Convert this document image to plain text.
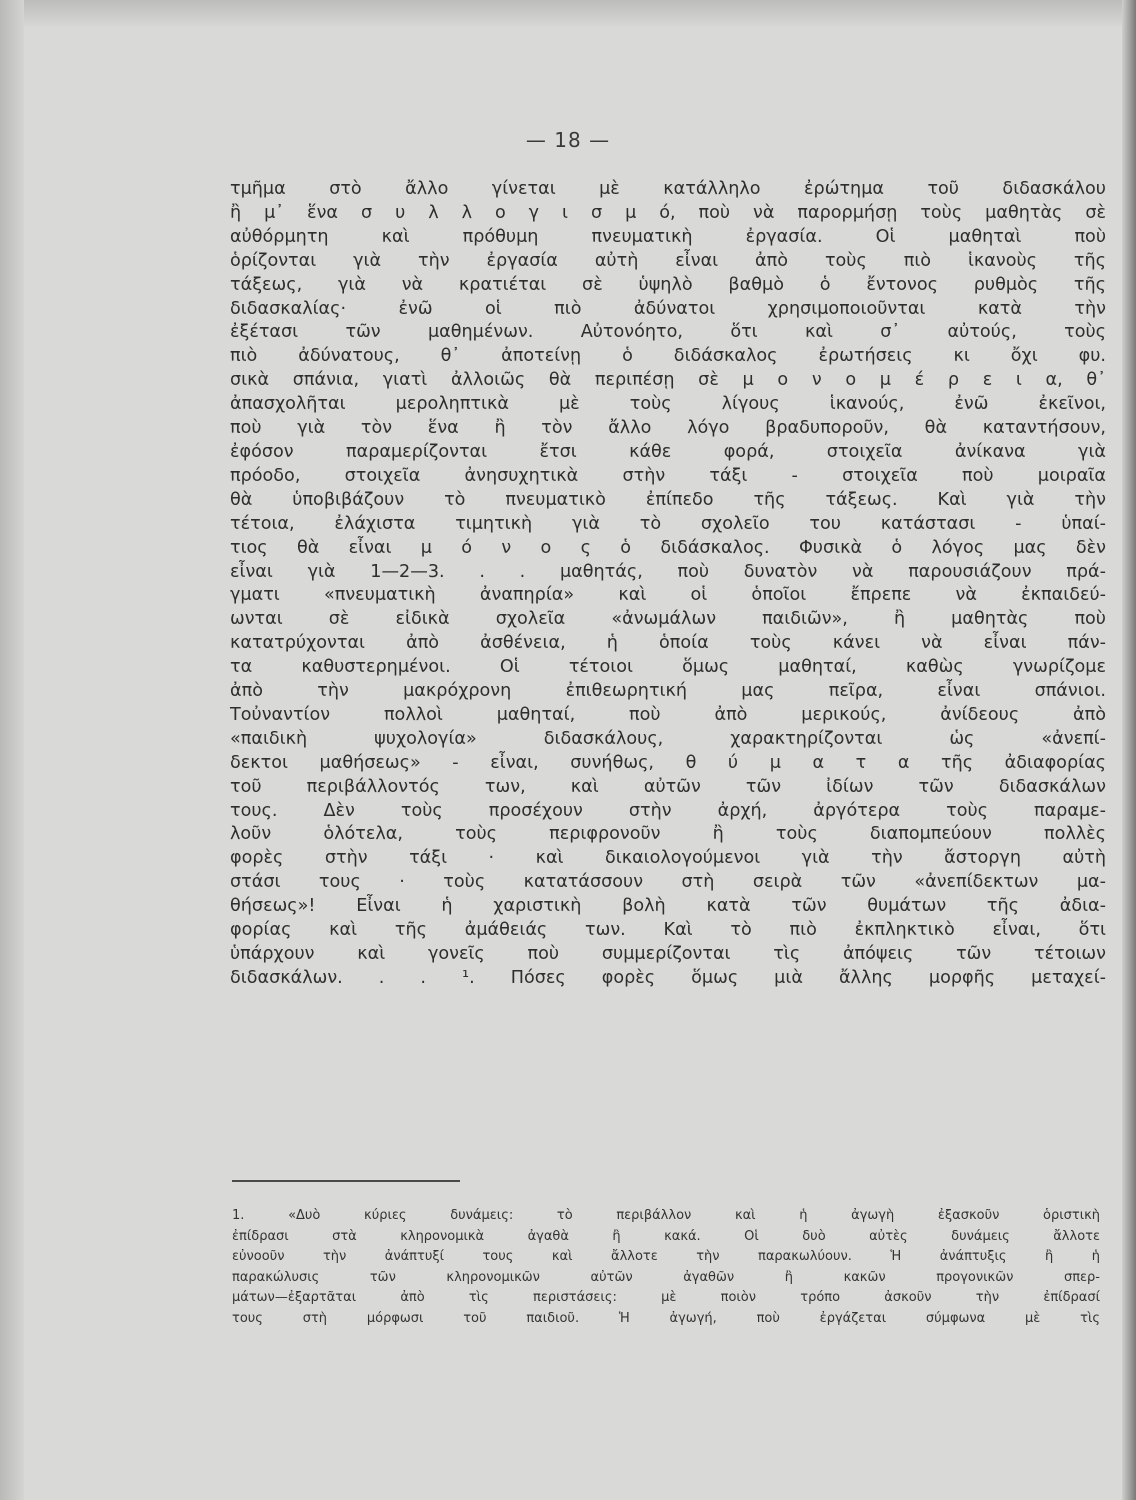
— 18 —
τμῆμα στὸ ἄλλο γίνεται μὲ κατάλληλο ἐρώτημα τοῦ διδασκάλου
ἢ μ᾽ ἕνα σ υ λ λ ο γ ι σ μ ό, ποὺ νὰ παρορμήσῃ τοὺς μαθητὰς σὲ
αὐθόρμητη καὶ πρόθυμη πνευματικὴ ἐργασία. Οἱ μαθηταὶ ποὺ
ὁρίζονται γιὰ τὴν ἐργασία αὐτὴ εἶναι ἀπὸ τοὺς πιὸ ἱκανοὺς τῆς
τάξεως, γιὰ νὰ κρατιέται σὲ ὑψηλὸ βαθμὸ ὁ ἔντονος ρυθμὸς τῆς
διδασκαλίας· ἐνῶ οἱ πιὸ ἀδύνατοι χρησιμοποιοῦνται κατὰ τὴν
ἐξέτασι τῶν μαθημένων. Αὐτονόητο, ὅτι καὶ σ᾽ αὐτούς, τοὺς
πιὸ ἀδύνατους, θ᾽ ἀποτείνῃ ὁ διδάσκαλος ἐρωτήσεις κι ὄχι φυ.
σικὰ σπάνια, γιατὶ ἀλλοιῶς θὰ περιπέσῃ σὲ μ ο ν ο μ έ ρ ε ι α, θ᾽
ἀπασχολῆται μεροληπτικὰ μὲ τοὺς λίγους ἱκανούς, ἐνῶ ἐκεῖνοι,
ποὺ γιὰ τὸν ἕνα ἢ τὸν ἄλλο λόγο βραδυποροῦν, θὰ καταντήσουν,
ἐφόσον παραμερίζονται ἔτσι κάθε φορά, στοιχεῖα ἀνίκανα γιὰ
πρόοδο, στοιχεῖα ἀνησυχητικὰ στὴν τάξι - στοιχεῖα ποὺ μοιραῖα
θὰ ὑποβιβάζουν τὸ πνευματικὸ ἐπίπεδο τῆς τάξεως. Καὶ γιὰ τὴν
τέτοια, ἐλάχιστα τιμητικὴ γιὰ τὸ σχολεῖο του κατάστασι - ὑπαί-
τιος θὰ εἶναι μ ό ν ο ς ὁ διδάσκαλος. Φυσικὰ ὁ λόγος μας δὲν
εἶναι γιὰ 1—2—3. . . μαθητάς, ποὺ δυνατὸν νὰ παρουσιάζουν πρά-
γματι «πνευματικὴ ἀναπηρία» καὶ οἱ ὁποῖοι ἔπρεπε νὰ ἐκπαιδεύ-
ωνται σὲ εἰδικὰ σχολεῖα «ἀνωμάλων παιδιῶν», ἢ μαθητὰς ποὺ
κατατρύχονται ἀπὸ ἀσθένεια, ἡ ὁποία τοὺς κάνει νὰ εἶναι πάν-
τα καθυστερημένοι. Οἱ τέτοιοι ὅμως μαθηταί, καθὼς γνωρίζομε
ἀπὸ τὴν μακρόχρονη ἐπιθεωρητική μας πεῖρα, εἶναι σπάνιοι.
Τοὐναντίον πολλοὶ μαθηταί, ποὺ ἀπὸ μερικούς, ἀνίδεους ἀπὸ
«παιδικὴ ψυχολογία» διδασκάλους, χαρακτηρίζονται ὡς «ἀνεπί-
δεκτοι μαθήσεως» - εἶναι, συνήθως, θ ύ μ α τ α τῆς ἀδιαφορίας
τοῦ περιβάλλοντός των, καὶ αὐτῶν τῶν ἰδίων τῶν διδασκάλων
τους. Δὲν τοὺς προσέχουν στὴν ἀρχή, ἀργότερα τοὺς παραμε-
λοῦν ὁλότελα, τοὺς περιφρονοῦν ἢ τοὺς διαπομπεύουν πολλὲς
φορὲς στὴν τάξι · καὶ δικαιολογούμενοι γιὰ τὴν ἄστοργη αὐτὴ
στάσι τους · τοὺς κατατάσσουν στὴ σειρὰ τῶν «ἀνεπίδεκτων μα-
θήσεως»! Εἶναι ἡ χαριστικὴ βολὴ κατὰ τῶν θυμάτων τῆς ἀδια-
φορίας καὶ τῆς ἀμάθειάς των. Καὶ τὸ πιὸ ἐκπληκτικὸ εἶναι, ὅτι
ὑπάρχουν καὶ γονεῖς ποὺ συμμερίζονται τὶς ἀπόψεις τῶν τέτοιων
διδασκάλων. . . ¹. Πόσες φορὲς ὅμως μιὰ ἄλλης μορφῆς μεταχεί-
1. «Δυὸ κύριες δυνάμεις: τὸ περιβάλλον καὶ ἡ ἀγωγὴ ἐξασκοῦν ὁριστικὴ
ἐπίδρασι στὰ κληρονομικὰ ἀγαθὰ ἢ κακά. Οἱ δυὸ αὐτὲς δυνάμεις ἄλλοτε
εὐνοοῦν τὴν ἀνάπτυξί τους καὶ ἄλλοτε τὴν παρακωλύουν. Ἡ ἀνάπτυξις ἢ ἡ
παρακώλυσις τῶν κληρονομικῶν αὐτῶν ἀγαθῶν ἢ κακῶν προγονικῶν σπερ-
μάτων—ἐξαρτᾶται ἀπὸ τὶς περιστάσεις: μὲ ποιὸν τρόπο ἀσκοῦν τὴν ἐπίδρασί
τους στὴ μόρφωσι τοῦ παιδιοῦ. Ἡ ἀγωγή, ποὺ ἐργάζεται σύμφωνα μὲ τὶς
